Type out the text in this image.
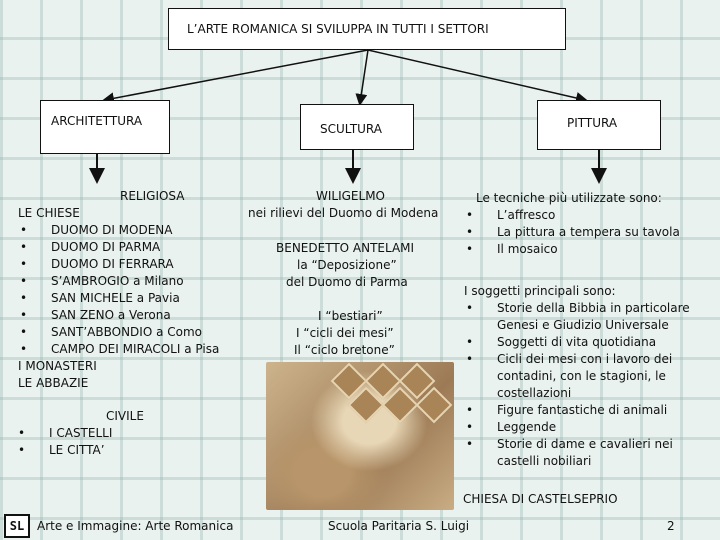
L’ARTE ROMANICA SI SVILUPPA IN TUTTI I SETTORI
ARCHITETTURA
SCULTURA	PITTURA
RELIGIOSA
LE CHIESE
• DUOMO DI MODENA
• DUOMO DI PARMA
• DUOMO DI FERRARA
• S’AMBROGIO a Milano
• SAN MICHELE a Pavia
• SAN ZENO a Verona
• SANT’ABBONDIO a Como
• CAMPO DEI MIRACOLI a Pisa
I MONASTERI
LE ABBAZIE
CIVILE
• I CASTELLI
• LE CITTA’
WILIGELMO
nei rilievi del Duomo di Modena
BENEDETTO ANTELAMI
la “Deposizione”
del Duomo di Parma
I “bestiari”
I “cicli dei mesi”
Il “ciclo bretone”
Le tecniche più utilizzate sono:
• L’affresco
• La pittura a tempera su tavola
• Il mosaico
I soggetti principali sono:
• Storie della Bibbia in particolare Genesi e Giudizio Universale
• Soggetti di vita quotidiana
• Cicli dei mesi con i lavoro dei contadini, con le stagioni, le costellazioni
• Figure fantastiche di animali
• Leggende
• Storie di dame e cavalieri nei castelli nobiliari
CHIESA DI CASTELSEPRIO
SL	Arte e Immagine: Arte Romanica	Scuola Paritaria S. Luigi	2
